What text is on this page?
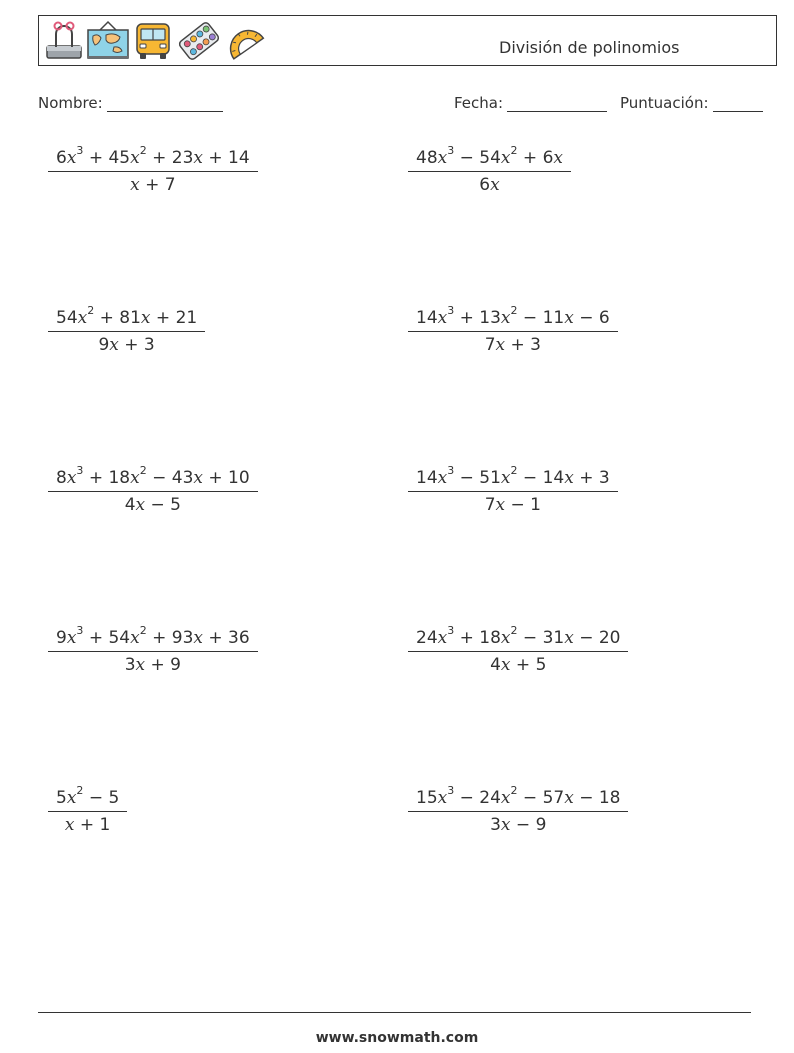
División de polinomios
Nombre:	Fecha:	Puntuación:
$6x^3 + 45x^2 + 23x + 14$
x + 7
$48x^3 - 54x^2 + 6x$
6x
$54x^2 + 81x + 21$
9x + 3
$14x^3 + 13x^2 - 11x - 6$
7x + 3
$8x^3 + 18x^2 - 43x + 10$
4x − 5
$14x^3 - 51x^2 - 14x + 3$
7x − 1
$9x^3 + 54x^2 + 93x + 36$
3x + 9
$24x^3 + 18x^2 - 31x - 20$
4x + 5
$5x^2 - 5$
x + 1
$15x^3 - 24x^2 - 57x - 18$
3x − 9
www.snowmath.com
